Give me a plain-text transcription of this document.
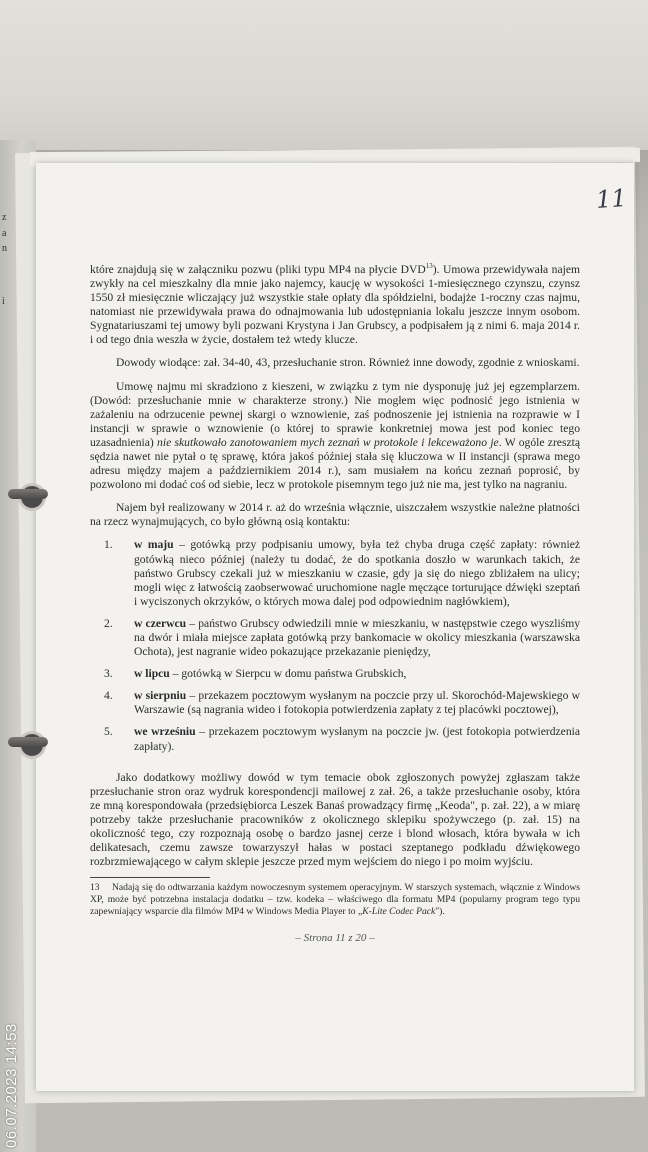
z
a
n
i
11

które znajdują się w załączniku pozwu (pliki typu MP4 na płycie DVD$^{13}$). Umowa przewidywała najem zwykły na cel mieszkalny dla mnie jako najemcy, kaucję w wysokości 1-miesięcznego czynszu, czynsz 1550 zł miesięcznie wliczający już wszystkie stałe opłaty dla spółdzielni, bodajże 1-roczny czas najmu, natomiast nie przewidywała prawa do odnajmowania lub udostępniania lokalu jeszcze innym osobom. Sygnatariuszami tej umowy byli pozwani Krystyna i Jan Grubscy, a podpisałem ją z nimi 6. maja 2014 r. i od tego dnia weszła w życie, dostałem też wtedy klucze.

Dowody wiodące: zał. 34-40, 43, przesłuchanie stron. Również inne dowody, zgodnie z wnioskami.

Umowę najmu mi skradziono z kieszeni, w związku z tym nie dysponuję już jej egzemplarzem. (Dowód: przesłuchanie mnie w charakterze strony.) Nie mogłem więc podnosić jego istnienia w zażaleniu na odrzucenie pewnej skargi o wznowienie, zaś podnoszenie jej istnienia na rozprawie w I instancji w sprawie o wznowienie (o której to sprawie konkretniej mowa jest pod koniec tego uzasadnienia) nie skutkowało zanotowaniem mych zeznań w protokole i lekceważono je. W ogóle zresztą sędzia nawet nie pytał o tę sprawę, która jakoś później stała się kluczowa w II instancji (sprawa mego adresu między majem a październikiem 2014 r.), sam musiałem na końcu zeznań poprosić, by pozwolono mi dodać coś od siebie, lecz w protokole pisemnym tego już nie ma, jest tylko na nagraniu.

Najem był realizowany w 2014 r. aż do września włącznie, uiszczałem wszystkie należne płatności na rzecz wynajmujących, co było główną osią kontaktu:

1. w maju – gotówką przy podpisaniu umowy, była też chyba druga część zapłaty: również gotówką nieco później (należy tu dodać, że do spotkania doszło w warunkach takich, że państwo Grubscy czekali już w mieszkaniu w czasie, gdy ja się do niego zbliżałem na ulicy; mogli więc z łatwością zaobserwować uruchomione nagle męczące torturujące dźwięki szeptań i wyciszonych okrzyków, o których mowa dalej pod odpowiednim nagłówkiem),
2. w czerwcu – państwo Grubscy odwiedzili mnie w mieszkaniu, w następstwie czego wyszliśmy na dwór i miała miejsce zapłata gotówką przy bankomacie w okolicy mieszkania (warszawska Ochota), jest nagranie wideo pokazujące przekazanie pieniędzy,
3. w lipcu – gotówką w Sierpcu w domu państwa Grubskich,
4. w sierpniu – przekazem pocztowym wysłanym na poczcie przy ul. Skorochód-Majewskiego w Warszawie (są nagrania wideo i fotokopia potwierdzenia zapłaty z tej placówki pocztowej),
5. we wrześniu – przekazem pocztowym wysłanym na poczcie jw. (jest fotokopia potwierdzenia zapłaty).

Jako dodatkowy możliwy dowód w tym temacie obok zgłoszonych powyżej zgłaszam także przesłuchanie stron oraz wydruk korespondencji mailowej z zał. 26, a także przesłuchanie osoby, która ze mną korespondowała (przedsiębiorca Leszek Banaś prowadzący firmę „Keoda", p. zał. 22), a w miarę potrzeby także przesłuchanie pracowników z okolicznego sklepiku spożywczego (p. zał. 15) na okoliczność tego, czy rozpoznają osobę o bardzo jasnej cerze i blond włosach, która bywała w ich delikatesach, czemu zawsze towarzyszył hałas w postaci szeptanego podkładu dźwiękowego rozbrzmiewającego w całym sklepie jeszcze przed mym wejściem do niego i po moim wyjściu.

13 Nadają się do odtwarzania każdym nowoczesnym systemem operacyjnym. W starszych systemach, włącznie z Windows XP, może być potrzebna instalacja dodatku – tzw. kodeka – właściwego dla formatu MP4 (popularny program tego typu zapewniający wsparcie dla filmów MP4 w Windows Media Player to „K-Lite Codec Pack").

– Strona 11 z 20 –
06.07.2023 14:53
